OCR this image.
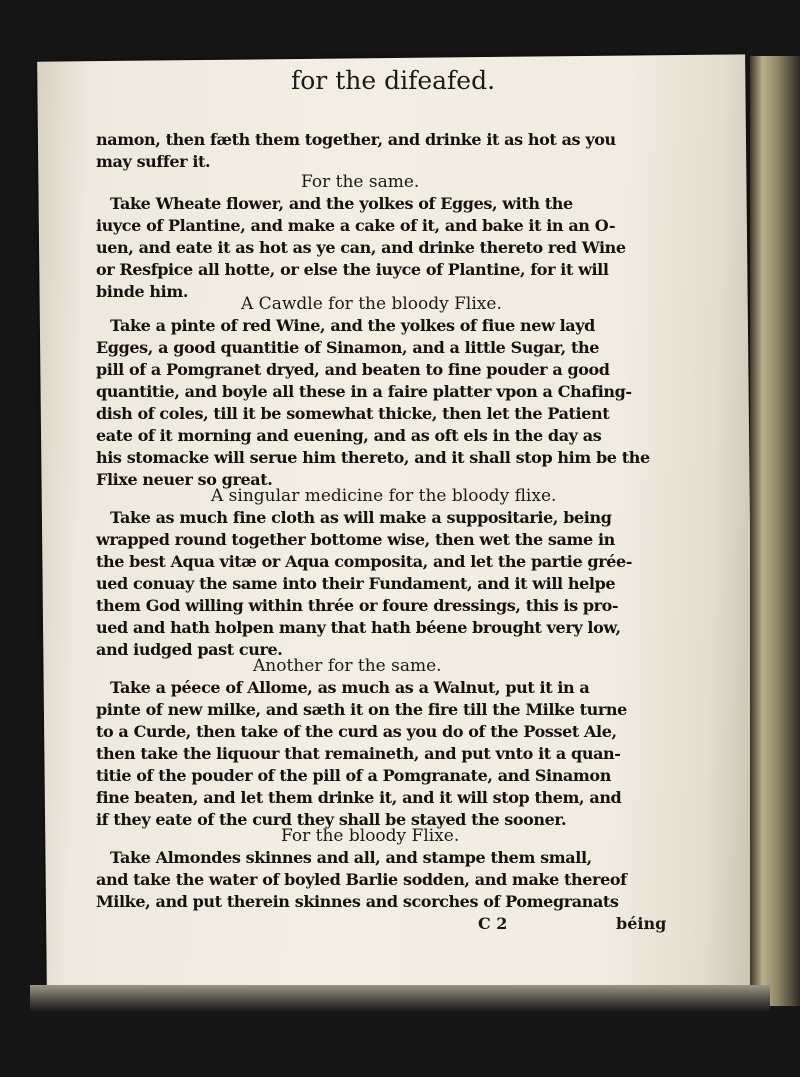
for the difeafed.
namon, then fæth them together, and drinke it as hot as you
may suffer it.
For the same.
Take Wheate flower, and the yolkes of Egges, with the
iuyce of Plantine, and make a cake of it, and bake it in an O-
uen, and eate it as hot as ye can, and drinke thereto red Wine
or Resfpice all hotte, or else the iuyce of Plantine, for it will
binde him.
A Cawdle for the bloody Flixe.
Take a pinte of red Wine, and the yolkes of fiue new layd
Egges, a good quantitie of Sinamon, and a little Sugar, the
pill of a Pomgranet dryed, and beaten to fine pouder a good
quantitie, and boyle all these in a faire platter vpon a Chafing-
dish of coles, till it be somewhat thicke, then let the Patient
eate of it morning and euening, and as oft els in the day as
his stomacke will serue him thereto, and it shall stop him be the
Flixe neuer so great.
A singular medicine for the bloody flixe.
Take as much fine cloth as will make a suppositarie, being
wrapped round together bottome wise, then wet the same in
the best Aqua vitæ or Aqua composita, and let the partie grée-
ued conuay the same into their Fundament, and it will helpe
them God willing within thrée or foure dressings, this is pro-
ued and hath holpen many that hath béene brought very low,
and iudged past cure.
Another for the same.
Take a péece of Allome, as much as a Walnut, put it in a
pinte of new milke, and sæth it on the fire till the Milke turne
to a Curde, then take of the curd as you do of the Posset Ale,
then take the liquour that remaineth, and put vnto it a quan-
titie of the pouder of the pill of a Pomgranate, and Sinamon
fine beaten, and let them drinke it, and it will stop them, and
if they eate of the curd they shall be stayed the sooner.
For the bloody Flixe.
Take Almondes skinnes and all, and stampe them small,
and take the water of boyled Barlie sodden, and make thereof
Milke, and put therein skinnes and scorches of Pomegranats
C 2	béing
